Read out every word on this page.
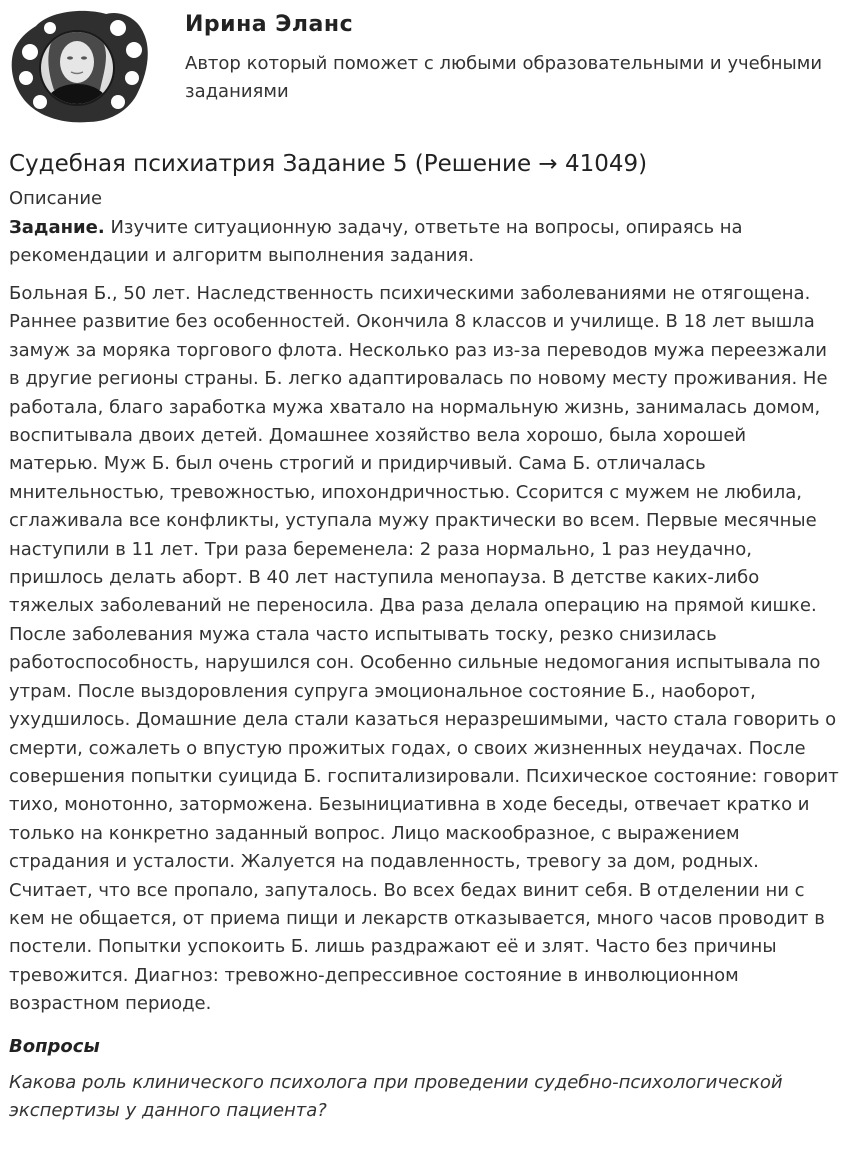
Ирина Эланс
Автор который поможет с любыми образовательными и учебными заданиями
Судебная психиатрия Задание 5 (Решение → 41049)
Описание
Задание. Изучите ситуационную задачу, ответьте на вопросы, опираясь на рекомендации и алгоритм выполнения задания.
Больная Б., 50 лет. Наследственность психическими заболеваниями не отягощена. Раннее развитие без особенностей. Окончила 8 классов и училище. В 18 лет вышла замуж за моряка торгового флота. Несколько раз из-за переводов мужа переезжали в другие регионы страны. Б. легко адаптировалась по новому месту проживания. Не работала, благо заработка мужа хватало на нормальную жизнь, занималась домом, воспитывала двоих детей. Домашнее хозяйство вела хорошо, была хорошей матерью. Муж Б. был очень строгий и придирчивый. Сама Б. отличалась мнительностью, тревожностью, ипохондричностью. Ссорится с мужем не любила, сглаживала все конфликты, уступала мужу практически во всем. Первые месячные наступили в 11 лет. Три раза беременела: 2 раза нормально, 1 раз неудачно, пришлось делать аборт. В 40 лет наступила менопауза. В детстве каких-либо тяжелых заболеваний не переносила. Два раза делала операцию на прямой кишке. После заболевания мужа стала часто испытывать тоску, резко снизилась работоспособность, нарушился сон. Особенно сильные недомогания испытывала по утрам. После выздоровления супруга эмоциональное состояние Б., наоборот, ухудшилось. Домашние дела стали казаться неразрешимыми, часто стала говорить о смерти, сожалеть о впустую прожитых годах, о своих жизненных неудачах. После совершения попытки суицида Б. госпитализировали. Психическое состояние: говорит тихо, монотонно, заторможена. Безынициативна в ходе беседы, отвечает кратко и только на конкретно заданный вопрос. Лицо маскообразное, с выражением страдания и усталости. Жалуется на подавленность, тревогу за дом, родных. Считает, что все пропало, запуталось. Во всех бедах винит себя. В отделении ни с кем не общается, от приема пищи и лекарств отказывается, много часов проводит в постели. Попытки успокоить Б. лишь раздражают её и злят. Часто без причины тревожится. Диагноз: тревожно-депрессивное состояние в инволюционном возрастном периоде.
Вопросы
Какова роль клинического психолога при проведении судебно-психологической экспертизы у данного пациента?
